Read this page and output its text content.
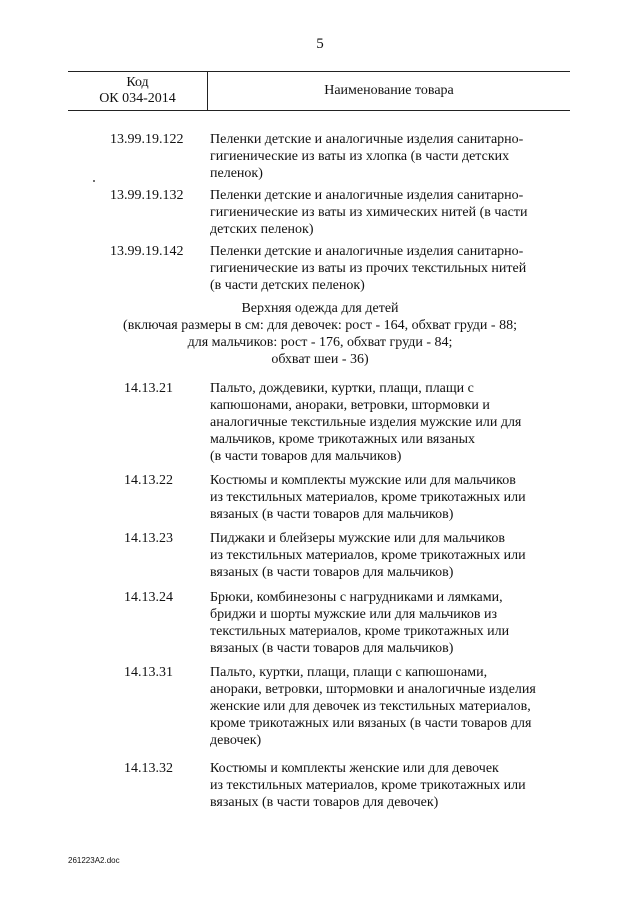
5
Код
ОК 034-2014
Наименование товара
13.99.19.122 Пеленки детские и аналогичные изделия санитарно-
гигиенические из ваты из хлопка (в части детских
пеленок)
13.99.19.132 Пеленки детские и аналогичные изделия санитарно-
гигиенические из ваты из химических нитей (в части
детских пеленок)
13.99.19.142 Пеленки детские и аналогичные изделия санитарно-
гигиенические из ваты из прочих текстильных нитей
(в части детских пеленок)
Верхняя одежда для детей
(включая размеры в см: для девочек: рост - 164, обхват груди - 88;
для мальчиков: рост - 176, обхват груди - 84;
обхват шеи - 36)
14.13.21	Пальто, дождевики, куртки, плащи, плащи с
капюшонами, анораки, ветровки, штормовки и
аналогичные текстильные изделия мужские или для
мальчиков, кроме трикотажных или вязаных
(в части товаров для мальчиков)
14.13.22	Костюмы и комплекты мужские или для мальчиков
из текстильных материалов, кроме трикотажных или
вязаных (в части товаров для мальчиков)
14.13.23	Пиджаки и блейзеры мужские или для мальчиков
из текстильных материалов, кроме трикотажных или
вязаных (в части товаров для мальчиков)
14.13.24	Брюки, комбинезоны с нагрудниками и лямками,
бриджи и шорты мужские или для мальчиков из
текстильных материалов, кроме трикотажных или
вязаных (в части товаров для мальчиков)
14.13.31	Пальто, куртки, плащи, плащи с капюшонами,
анораки, ветровки, штормовки и аналогичные изделия
женские или для девочек из текстильных материалов,
кроме трикотажных или вязаных (в части товаров для
девочек)
14.13.32	Костюмы и комплекты женские или для девочек
из текстильных материалов, кроме трикотажных или
вязаных (в части товаров для девочек)
261223A2.doc
